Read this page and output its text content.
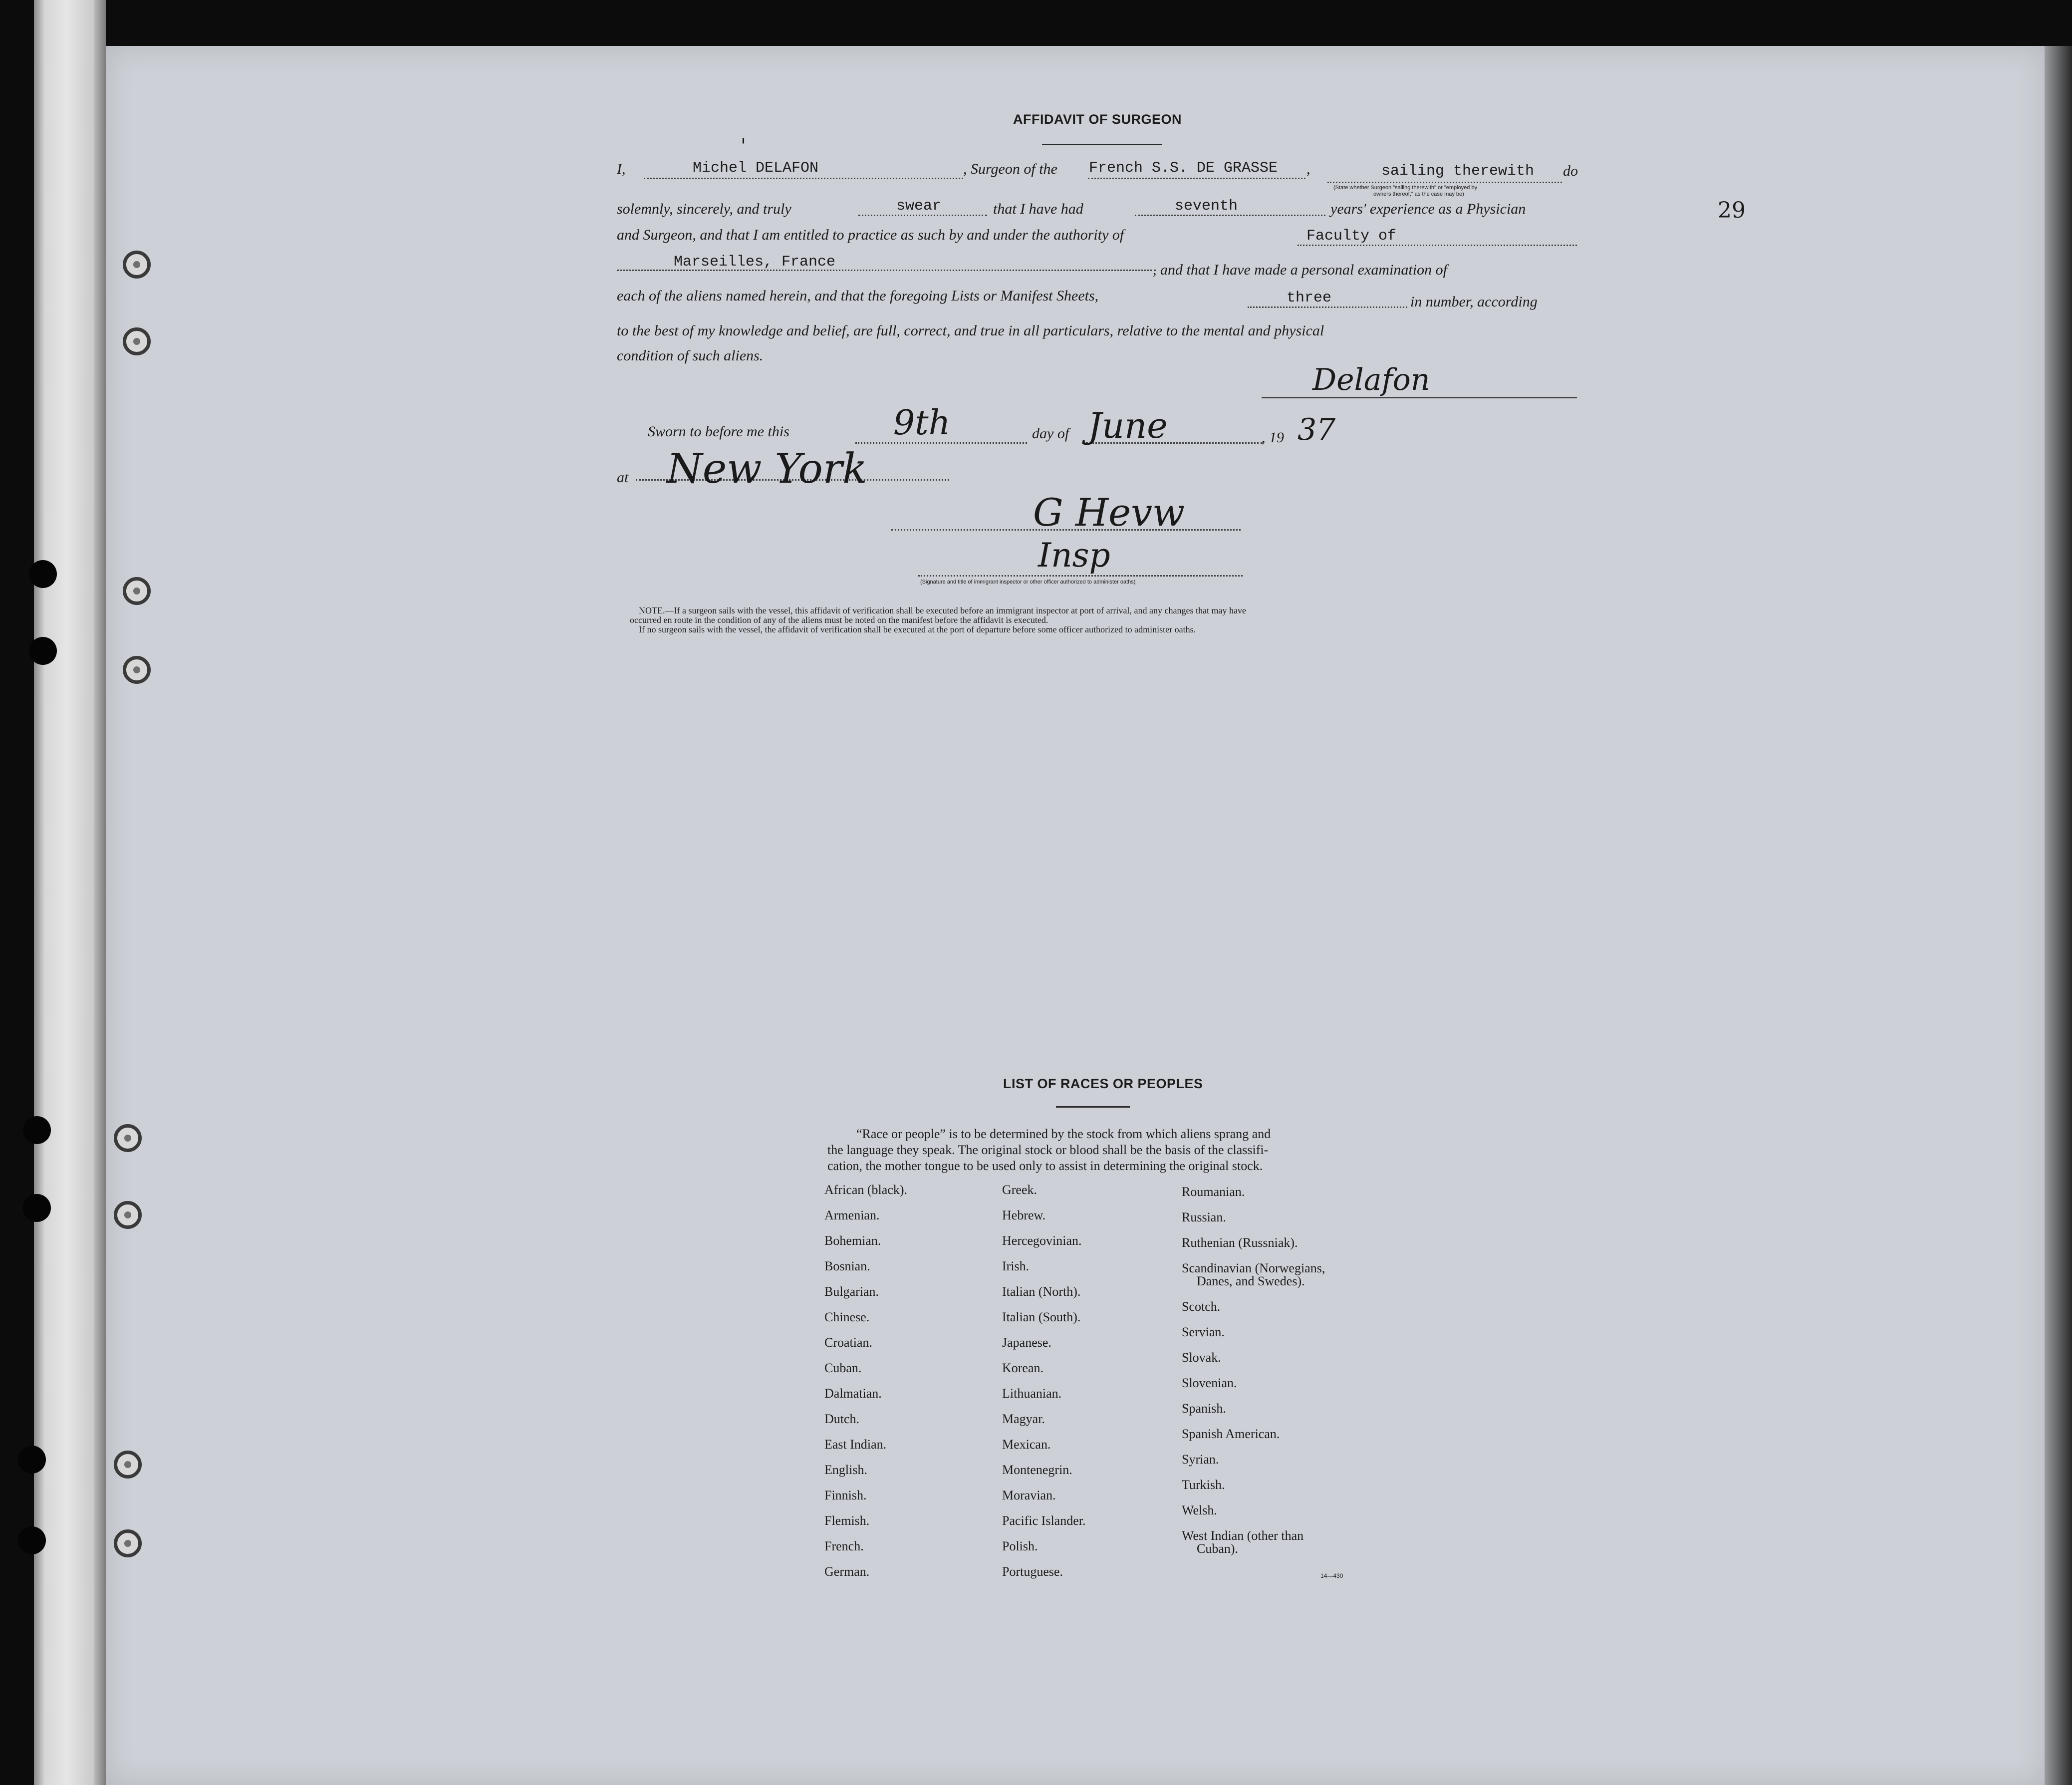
29
AFFIDAVIT OF SURGEON
I,	Michel DELAFON
'
, Surgeon of the French S.S. DE GRASSE ,	sailing therewith do
(State whether Surgeon "sailing therewith" or "employed by
owners thereof," as the case may be)
solemnly, sincerely, and truly	swear	that I have had	seventh	years' experience as a Physician
and Surgeon, and that I am entitled to practice as such by and under the authority of	Faculty of
Marseilles, France	, and that I have made a personal examination of
each of the aliens named herein, and that the foregoing Lists or Manifest Sheets,	three	in number, according
to the best of my knowledge and belief, are full, correct, and true in all particulars, relative to the mental and physical
condition of such aliens.
Delafon
Sworn to before me this	9th	day of June	, 19 37
at New York
G Hevw
Insp
(Signature and title of immigrant inspector or other officer authorized to administer oaths)
NOTE.—If a surgeon sails with the vessel, this affidavit of verification shall be executed before an immigrant inspector at port of arrival, and any changes that may have
occurred en route in the condition of any of the aliens must be noted on the manifest before the affidavit is executed.
If no surgeon sails with the vessel, the affidavit of verification shall be executed at the port of departure before some officer authorized to administer oaths.
LIST OF RACES OR PEOPLES
“Race or people” is to be determined by the stock from which aliens sprang and
the language they speak. The original stock or blood shall be the basis of the classifi-
cation, the mother tongue to be used only to assist in determining the original stock.
African (black).
Armenian.
Bohemian.
Bosnian.
Bulgarian.
Chinese.
Croatian.
Cuban.
Dalmatian.
Dutch.
East Indian.
English.
Finnish.
Flemish.
French.
German.
Greek.
Hebrew.
Hercegovinian.
Irish.
Italian (North).
Italian (South).
Japanese.
Korean.
Lithuanian.
Magyar.
Mexican.
Montenegrin.
Moravian.
Pacific Islander.
Polish.
Portuguese.
Roumanian.
Russian.
Ruthenian (Russniak).
Scandinavian (Norwegians,
Danes, and Swedes).
Scotch.
Servian.
Slovak.
Slovenian.
Spanish.
Spanish American.
Syrian.
Turkish.
Welsh.
West Indian (other than
Cuban).
14—430
